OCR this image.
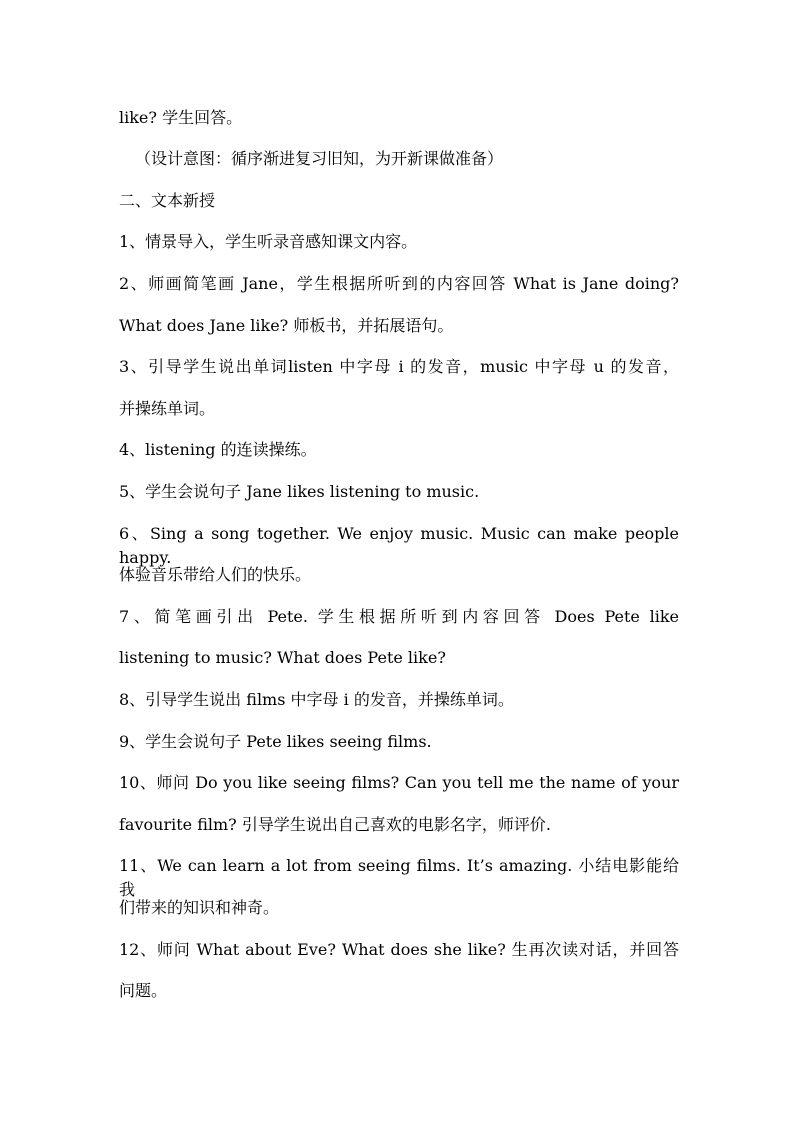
like? 学生回答。
（设计意图：循序渐进复习旧知，为开新课做准备）
二、文本新授
1、情景导入，学生听录音感知课文内容。
2、师画简笔画 Jane，学生根据所听到的内容回答 What is Jane doing?
What does Jane like? 师板书，并拓展语句。
3、引导学生说出单词listen 中字母 i 的发音，music 中字母 u 的发音，
并操练单词。
4、listening 的连读操练。
5、学生会说句子 Jane likes listening to music.
6、Sing a song together. We enjoy music. Music can make people happy.
体验音乐带给人们的快乐。
7、简笔画引出 Pete. 学生根据所听到内容回答 Does Pete like
listening to music? What does Pete like?
8、引导学生说出 films 中字母 i 的发音，并操练单词。
9、学生会说句子 Pete likes seeing films.
10、师问 Do you like seeing films? Can you tell me the name of your
favourite film? 引导学生说出自己喜欢的电影名字，师评价.
11、We can learn a lot from seeing films. It’s amazing. 小结电影能给我
们带来的知识和神奇。
12、师问 What about Eve? What does she like? 生再次读对话，并回答
问题。
